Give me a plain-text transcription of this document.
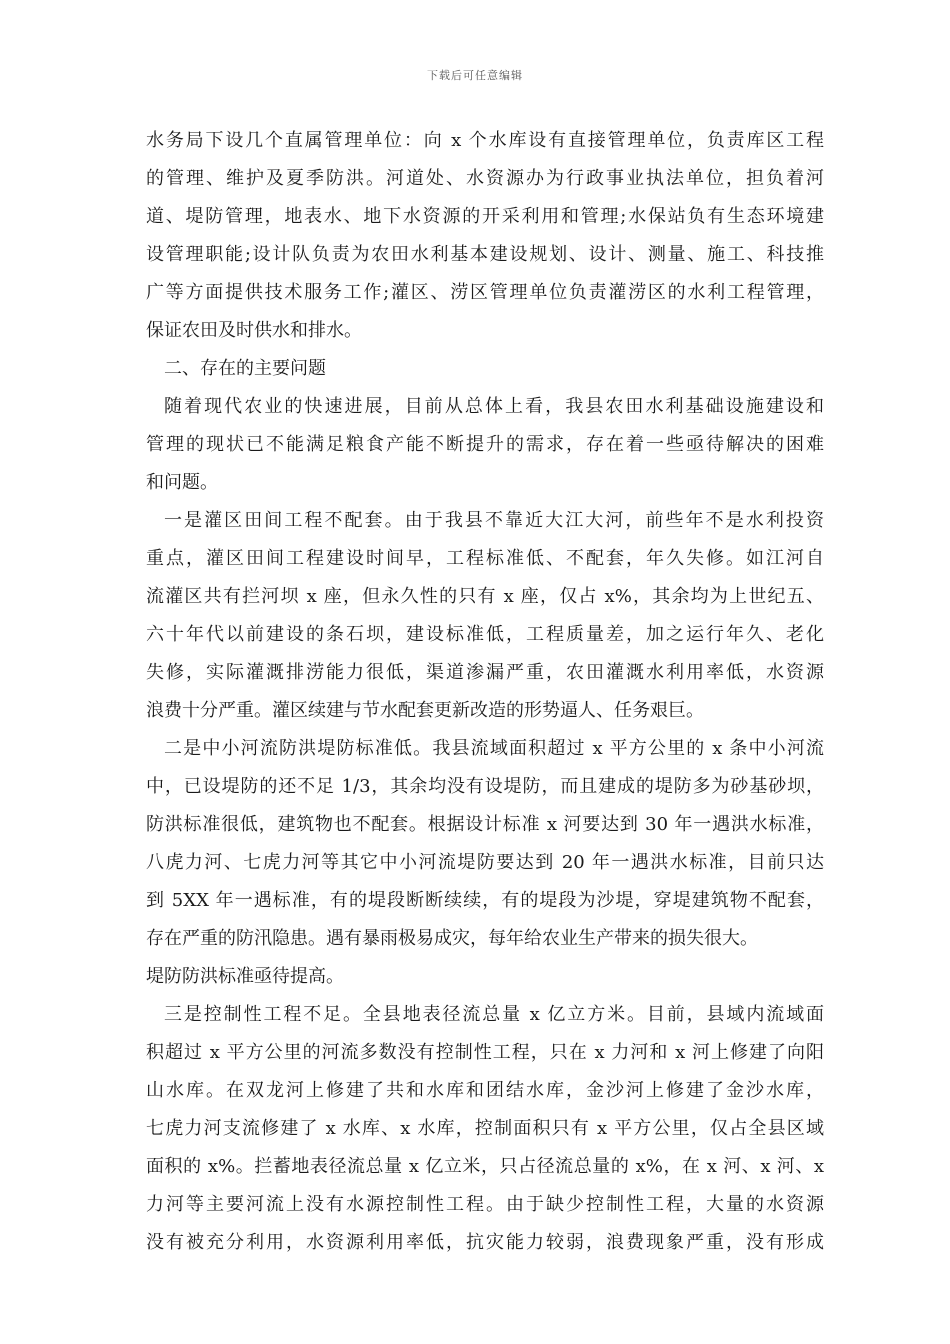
下载后可任意编辑
水务局下设几个直属管理单位：向 x 个水库设有直接管理单位，负责库区工程
的管理、维护及夏季防洪。河道处、水资源办为行政事业执法单位，担负着河
道、堤防管理，地表水、地下水资源的开采利用和管理;水保站负有生态环境建
设管理职能;设计队负责为农田水利基本建设规划、设计、测量、施工、科技推
广等方面提供技术服务工作;灌区、涝区管理单位负责灌涝区的水利工程管理，
保证农田及时供水和排水。
二、存在的主要问题
随着现代农业的快速进展，目前从总体上看，我县农田水利基础设施建设和
管理的现状已不能满足粮食产能不断提升的需求，存在着一些亟待解决的困难
和问题。
一是灌区田间工程不配套。由于我县不靠近大江大河，前些年不是水利投资
重点，灌区田间工程建设时间早，工程标准低、不配套，年久失修。如江河自
流灌区共有拦河坝 x 座，但永久性的只有 x 座，仅占 x%，其余均为上世纪五、
六十年代以前建设的条石坝，建设标准低，工程质量差，加之运行年久、老化
失修，实际灌溉排涝能力很低，渠道渗漏严重，农田灌溉水利用率低，水资源
浪费十分严重。灌区续建与节水配套更新改造的形势逼人、任务艰巨。
二是中小河流防洪堤防标准低。我县流域面积超过 x 平方公里的 x 条中小河流
中，已设堤防的还不足 1/3，其余均没有设堤防，而且建成的堤防多为砂基砂坝，
防洪标准很低，建筑物也不配套。根据设计标准 x 河要达到 30 年一遇洪水标准，
八虎力河、七虎力河等其它中小河流堤防要达到 20 年一遇洪水标准，目前只达
到 5XX 年一遇标准，有的堤段断断续续，有的堤段为沙堤，穿堤建筑物不配套，
存在严重的防汛隐患。遇有暴雨极易成灾，每年给农业生产带来的损失很大。
堤防防洪标准亟待提高。
三是控制性工程不足。全县地表径流总量 x 亿立方米。目前，县域内流域面
积超过 x 平方公里的河流多数没有控制性工程，只在 x 力河和 x 河上修建了向阳
山水库。在双龙河上修建了共和水库和团结水库，金沙河上修建了金沙水库，
七虎力河支流修建了 x 水库、x 水库，控制面积只有 x 平方公里，仅占全县区域
面积的 x%。拦蓄地表径流总量 x 亿立米，只占径流总量的 x%，在 x 河、x 河、x
力河等主要河流上没有水源控制性工程。由于缺少控制性工程，大量的水资源
没有被充分利用，水资源利用率低，抗灾能力较弱，浪费现象严重，没有形成
